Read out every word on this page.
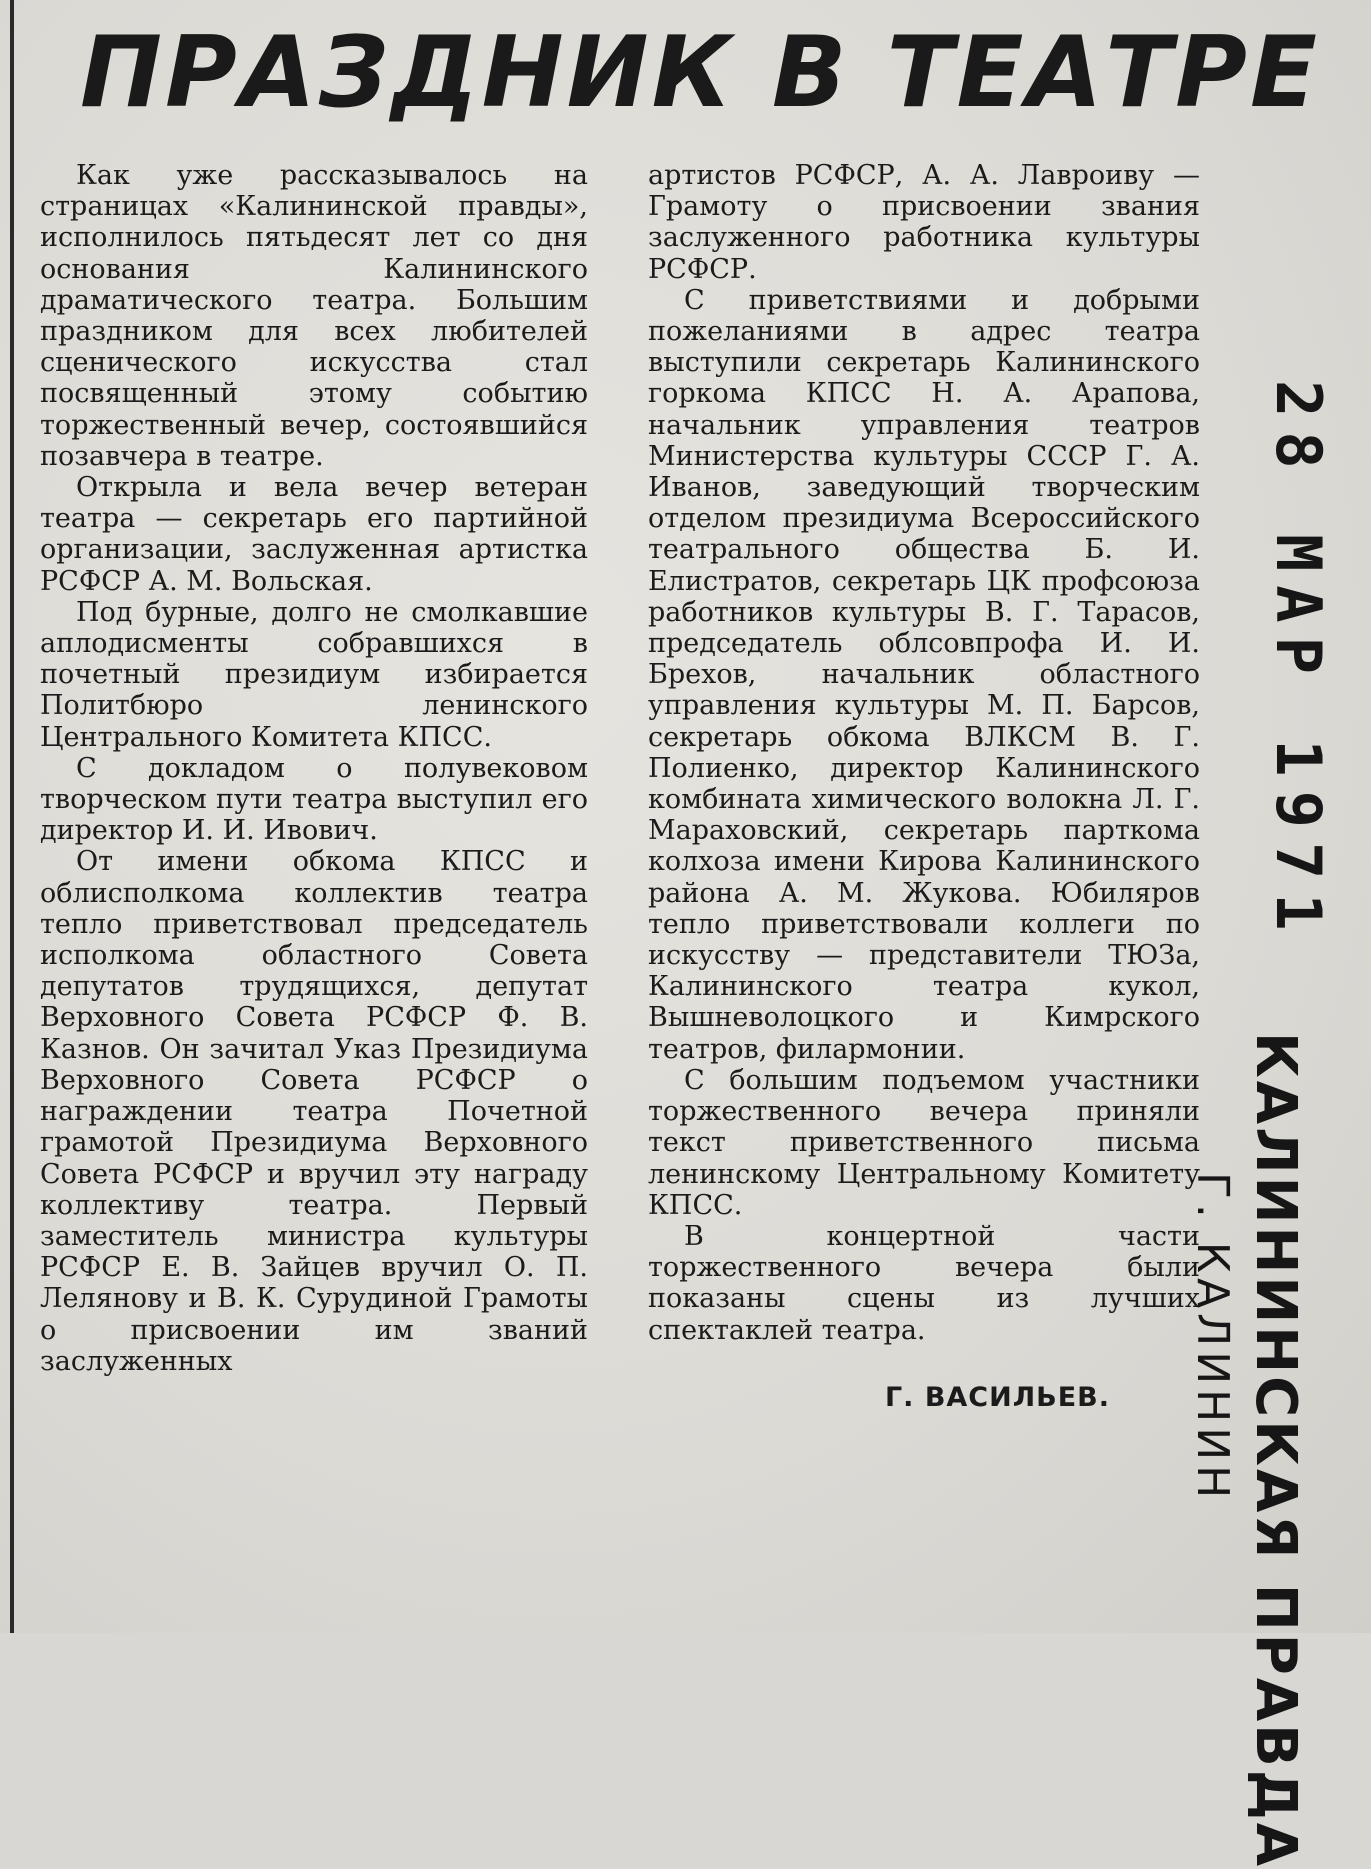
ПРАЗДНИК В ТЕАТРЕ

Как уже рассказывалось на страницах «Калининской правды», исполнилось пятьдесят лет со дня основания Калининского драматического театра. Большим праздником для всех любителей сценического искусства стал посвященный этому событию торжественный вечер, состоявшийся позавчера в театре.

Открыла и вела вечер ветеран театра — секретарь его партийной организации, заслуженная артистка РСФСР А. М. Вольская.

Под бурные, долго не смолкавшие аплодисменты собравшихся в почетный президиум избирается Политбюро ленинского Центрального Комитета КПСС.

С докладом о полувековом творческом пути театра выступил его директор И. И. Ивович.

От имени обкома КПСС и облисполкома коллектив театра тепло приветствовал председатель исполкома областного Совета депутатов трудящихся, депутат Верховного Совета РСФСР Ф. В. Казнов. Он зачитал Указ Президиума Верховного Совета РСФСР о награждении театра Почетной грамотой Президиума Верховного Совета РСФСР и вручил эту награду коллективу театра. Первый заместитель министра культуры РСФСР Е. В. Зайцев вручил О. П. Лелянову и В. К. Сурудиной Грамоты о присвоении им званий заслуженных

артистов РСФСР, А. А. Лавроиву — Грамоту о присвоении звания заслуженного работника культуры РСФСР.

С приветствиями и добрыми пожеланиями в адрес театра выступили секретарь Калининского горкома КПСС Н. А. Арапова, начальник управления театров Министерства культуры СССР Г. А. Иванов, заведующий творческим отделом президиума Всероссийского театрального общества Б. И. Елистратов, секретарь ЦК профсоюза работников культуры В. Г. Тарасов, председатель облсовпрофа И. И. Брехов, начальник областного управления культуры М. П. Барсов, секретарь обкома ВЛКСМ В. Г. Полиенко, директор Калининского комбината химического волокна Л. Г. Мараховский, секретарь парткома колхоза имени Кирова Калининского района А. М. Жукова. Юбиляров тепло приветствовали коллеги по искусству — представители ТЮЗа, Калининского театра кукол, Вышневолоцкого и Кимрского театров, филармонии.

С большим подъемом участники торжественного вечера приняли текст приветственного письма ленинскому Центральному Комитету КПСС.

В концертной части торжественного вечера были показаны сцены из лучших спектаклей театра.

Г. ВАСИЛЬЕВ.
28 МАР 1971
КАЛИНИНСКАЯ ПРАВДА
Г. КАЛИНИН
